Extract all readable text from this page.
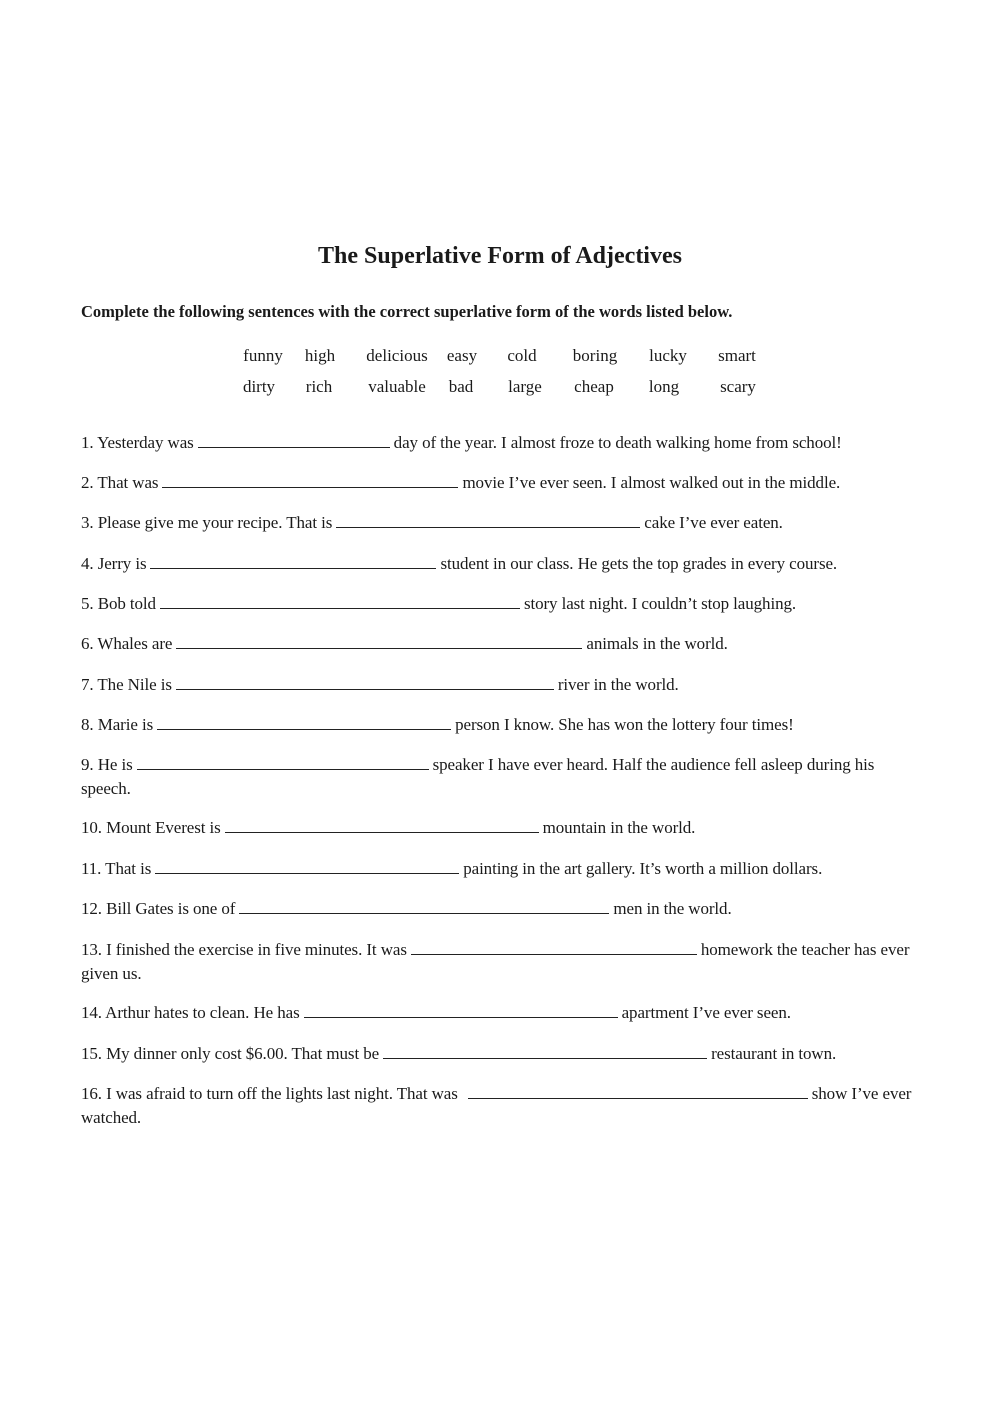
The Superlative Form of Adjectives

Complete the following sentences with the correct superlative form of the words listed below.

funny high delicious easy cold boring lucky smart
dirty rich valuable bad large cheap long scary

1. Yesterday was	day of the year. I almost froze to death walking home from school!

2. That was	movie I’ve ever seen. I almost walked out in the middle.

3. Please give me your recipe. That is	cake I’ve ever eaten.

4. Jerry is	student in our class. He gets the top grades in every course.

5. Bob told	story last night. I couldn’t stop laughing.

6. Whales are	animals in the world.

7. The Nile is	river in the world.

8. Marie is	person I know. She has won the lottery four times!

9. He is	speaker I have ever heard. Half the audience fell asleep during his speech.

10. Mount Everest is	mountain in the world.

11. That is	painting in the art gallery. It’s worth a million dollars.

12. Bill Gates is one of	men in the world.

13. I finished the exercise in five minutes. It was	homework the teacher has ever given us.

14. Arthur hates to clean. He has	apartment I’ve ever seen.

15. My dinner only cost $6.00. That must be	restaurant in town.

16. I was afraid to turn off the lights last night. That was	show I’ve ever watched.
